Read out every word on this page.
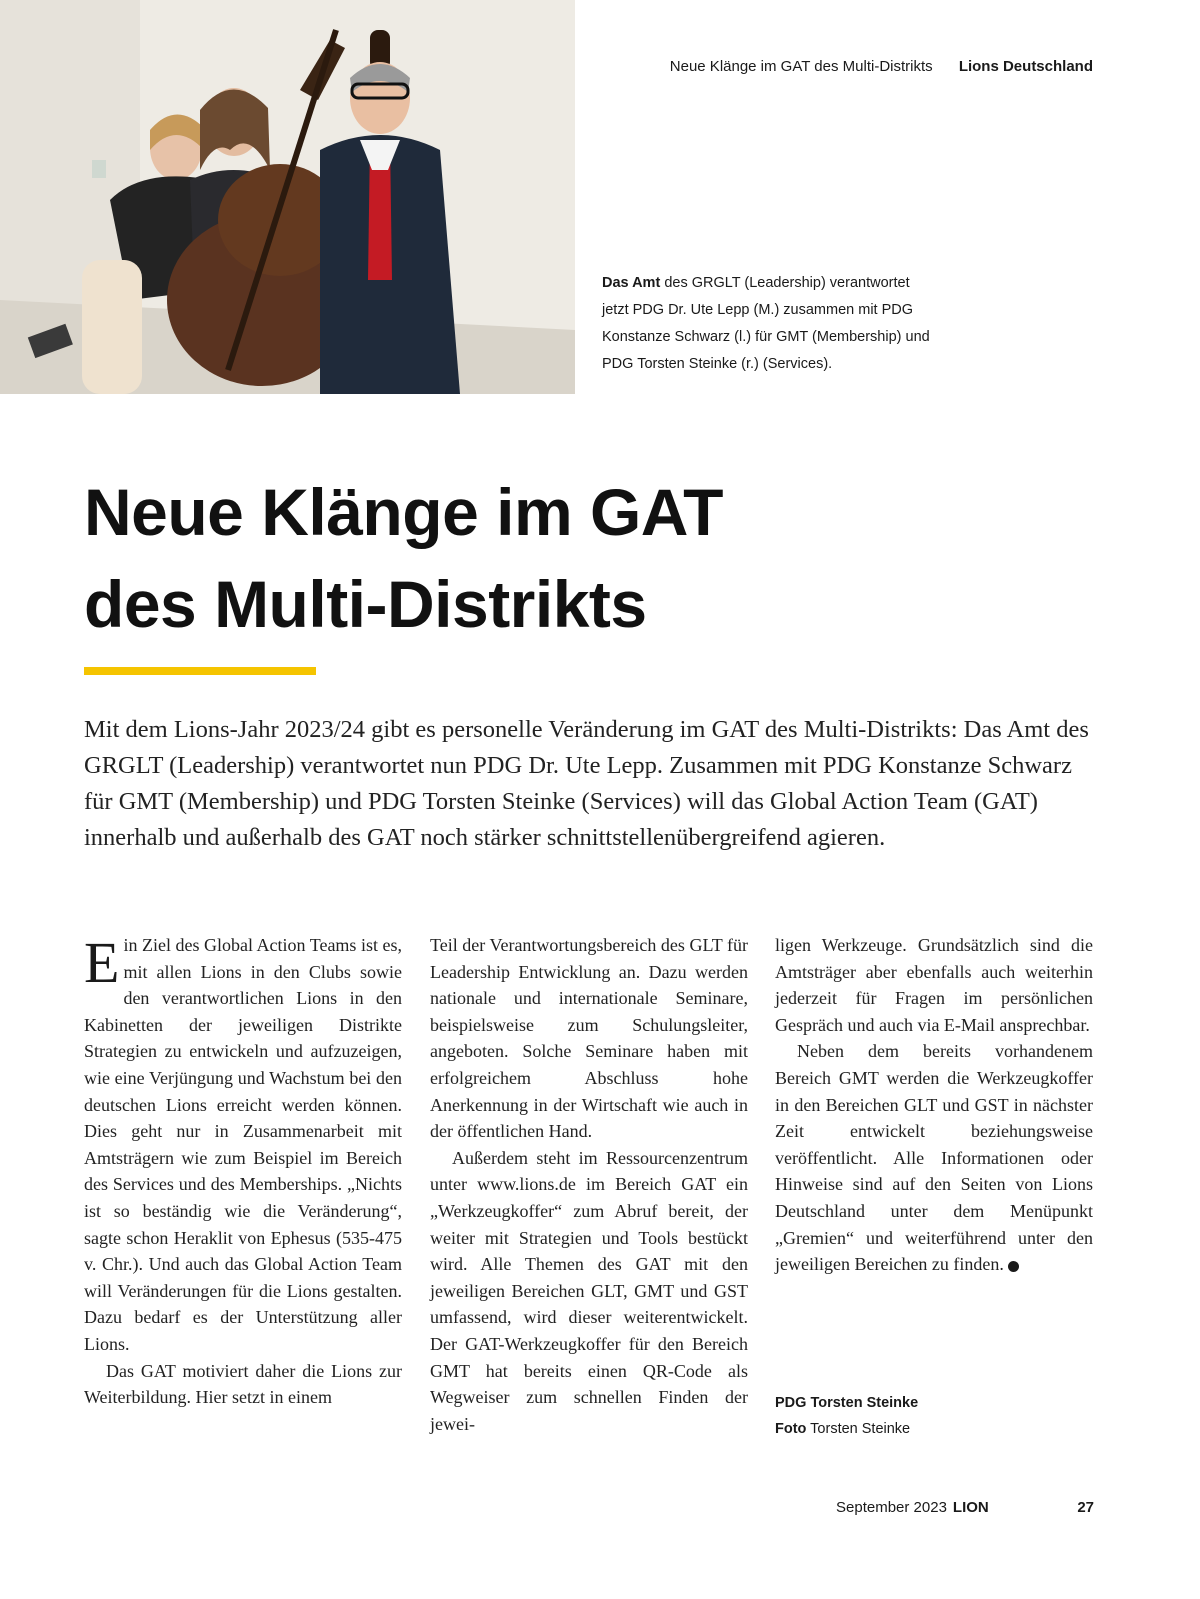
Neue Klänge im GAT des Multi-Distrikts Lions Deutschland
Das Amt des GRGLT (Leadership) verantwortet jetzt PDG Dr. Ute Lepp (M.) zusammen mit PDG Konstanze Schwarz (l.) für GMT (Membership) und PDG Torsten Steinke (r.) (Services).
Neue Klänge im GAT
des Multi-Distrikts

Mit dem Lions-Jahr 2023/24 gibt es personelle Veränderung im GAT des Multi-Distrikts: Das Amt des GRGLT (Leadership) verantwortet nun PDG Dr. Ute Lepp. Zusammen mit PDG Konstanze Schwarz für GMT (Membership) und PDG Torsten Steinke (Services) will das Global Action Team (GAT) innerhalb und außerhalb des GAT noch stärker schnittstellenübergreifend agieren.

Ein Ziel des Global Action Teams ist es, mit allen Lions in den Clubs sowie den verantwortlichen Lions in den Kabinetten der jeweiligen Distrikte Strategien zu entwickeln und aufzuzeigen, wie eine Verjüngung und Wachstum bei den deutschen Lions erreicht werden können. Dies geht nur in Zusammenarbeit mit Amtsträgern wie zum Beispiel im Bereich des Services und des Memberships. „Nichts ist so beständig wie die Veränderung“, sagte schon Heraklit von Ephesus (535-475 v. Chr.). Und auch das Global Action Team will Veränderungen für die Lions gestalten. Dazu bedarf es der Unterstützung aller Lions.

Das GAT motiviert daher die Lions zur Weiterbildung. Hier setzt in einem

Teil der Verantwortungsbereich des GLT für Leadership Entwicklung an. Dazu werden nationale und internationale Seminare, beispielsweise zum Schulungsleiter, angeboten. Solche Seminare haben mit erfolgreichem Abschluss hohe Anerkennung in der Wirtschaft wie auch in der öffentlichen Hand.

Außerdem steht im Ressourcenzentrum unter www.lions.de im Bereich GAT ein „Werkzeugkoffer“ zum Abruf bereit, der weiter mit Strategien und Tools bestückt wird. Alle Themen des GAT mit den jeweiligen Bereichen GLT, GMT und GST umfassend, wird dieser weiterentwickelt. Der GAT-Werkzeugkoffer für den Bereich GMT hat bereits einen QR-Code als Wegweiser zum schnellen Finden der jewei-

ligen Werkzeuge. Grundsätzlich sind die Amtsträger aber ebenfalls auch weiterhin jederzeit für Fragen im persönlichen Gespräch und auch via E-Mail ansprechbar.

Neben dem bereits vorhandenem Bereich GMT werden die Werkzeugkoffer in den Bereichen GLT und GST in nächster Zeit entwickelt beziehungsweise veröffentlicht. Alle Informationen oder Hinweise sind auf den Seiten von Lions Deutschland unter dem Menüpunkt „Gremien“ und weiterführend unter den jeweiligen Bereichen zu finden.	L

PDG Torsten Steinke
Foto Torsten Steinke
September 2023 LION	27
